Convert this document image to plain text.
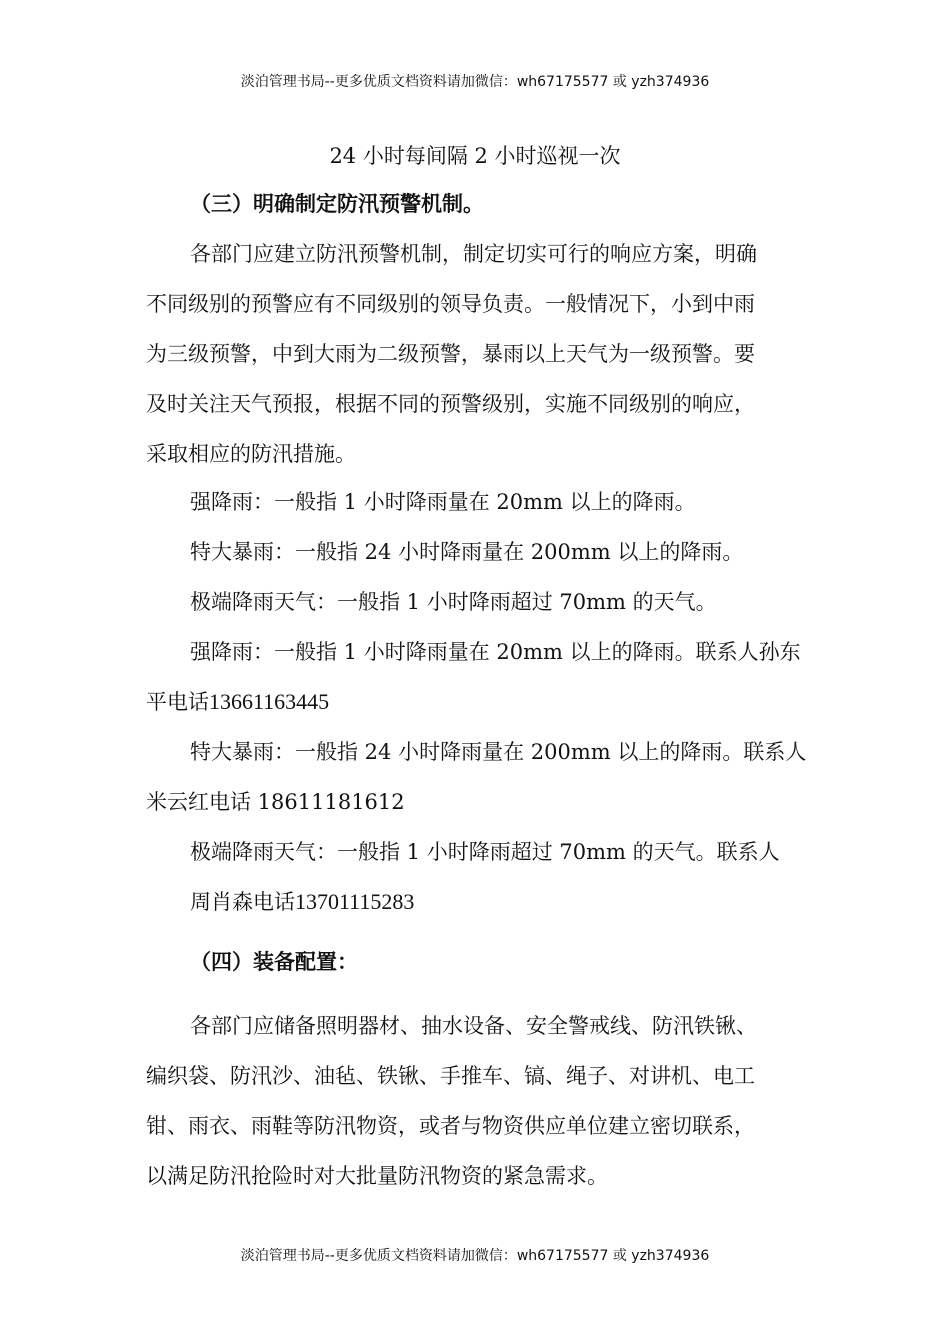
淡泊管理书局--更多优质文档资料请加微信：wh67175577 或 yzh374936
24 小时每间隔 2 小时巡视一次
（三）明确制定防汛预警机制。
各部门应建立防汛预警机制，制定切实可行的响应方案，明确
不同级别的预警应有不同级别的领导负责。一般情况下，小到中雨
为三级预警，中到大雨为二级预警，暴雨以上天气为一级预警。要
及时关注天气预报，根据不同的预警级别，实施不同级别的响应，
采取相应的防汛措施。
强降雨：一般指 1 小时降雨量在 20mm 以上的降雨。
特大暴雨：一般指 24 小时降雨量在 200mm 以上的降雨。
极端降雨天气：一般指 1 小时降雨超过 70mm 的天气。
强降雨：一般指 1 小时降雨量在 20mm 以上的降雨。联系人孙东
平电话13661163445
特大暴雨：一般指 24 小时降雨量在 200mm 以上的降雨。联系人
米云红电话 18611181612
极端降雨天气：一般指 1 小时降雨超过 70mm 的天气。联系人
周肖森电话13701115283
（四）装备配置：
各部门应储备照明器材、抽水设备、安全警戒线、防汛铁锹、
编织袋、防汛沙、油毡、铁锹、手推车、镐、绳子、对讲机、电工
钳、雨衣、雨鞋等防汛物资，或者与物资供应单位建立密切联系，
以满足防汛抢险时对大批量防汛物资的紧急需求。
淡泊管理书局--更多优质文档资料请加微信：wh67175577 或 yzh374936
